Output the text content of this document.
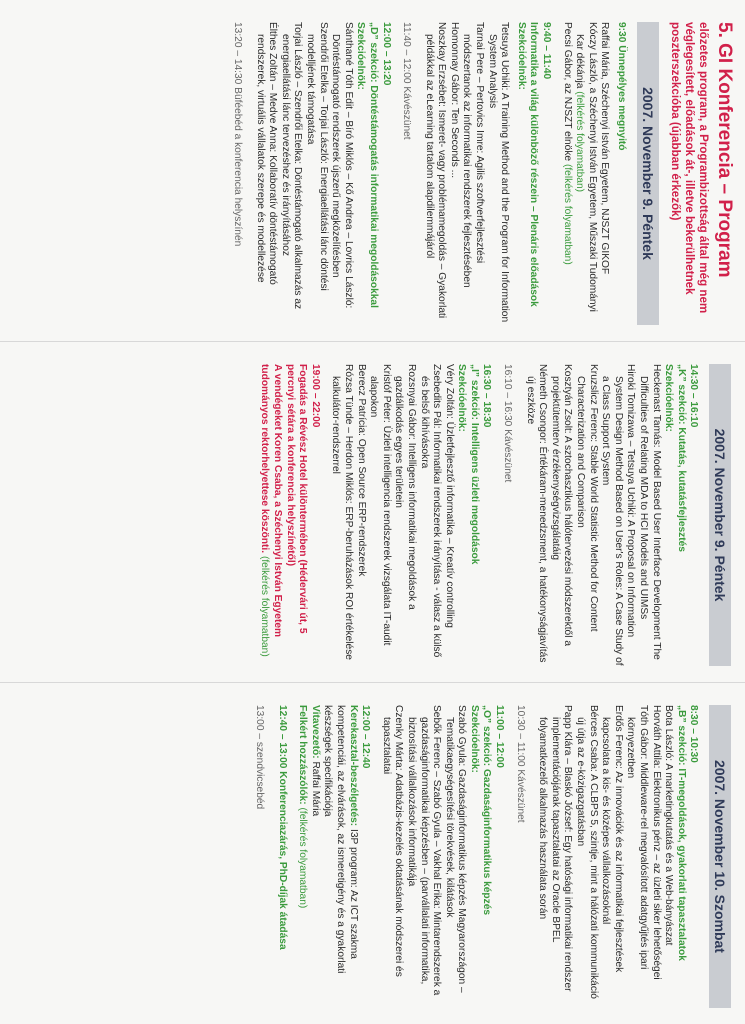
5. GI Konferencia – Program
előzetes program, a Programbizottság által még nem véglegesített, előadások át-, illetve bekerülhetnek poszterszekcióba (újabban érkezők)
2007. November 9. Péntek
9:30 Ünnepélyes megnyitó
Raffai Mária, Széchenyi István Egyetem, NJSZT GIKOF
Kóczy László, a Széchenyi István Egyetem, Műszaki Tudományi Kar dékánja (felkérés folyamatban)
Pecsi Gábor, az NJSZT elnöke (felkérés folyamatban)
9:40 – 11:40
Informatika a világ különböző részein – Plenáris előadások
Szekcióelnök:
Tetsuya Uchiki: A Training Method and the Program for Information System Analysis
Tarnai Pere – Pertovics Imre: Agilis szoftverfejlesztési módszertanok az informatikai rendszerek fejlesztésében
Homonnay Gábor: Ten Seconds ...
Noszkay Erzsébet: Ismeret- vagy problémamegoldás – Gyakorlati példákkal az eLearning tartalom alapdilemmájáról
11:40 – 12:00 Kávészünet
12:00 – 13:20
„D” szekció: Döntéstámogatás informatikai megoldásokkal
Szekcióelnök:
Sánthané Tóth Edit – Bíró Miklós – Kő Andrea – Lovrics László: Döntéstámogató rendszerek újszerű megközelítésben
Szendrői Etelka – Torjai László: Energiaellátási lánc döntési modelljének támogatása
Torjai László – Szendrői Etelka: Döntéstámogató alkalmazás az energiaellátási lánc tervezéshez és irányításához
Élthes Zoltán – Medve Anna: Kollaboratív döntéstámogató rendszerek, virtuális vállalatok szerepe és modellezése
13:20 – 14:30 Büféebéd a konferencia helyszínén
2007. November 9. Péntek
14:30 – 16:10
„K” szekció: Kutatás, kutatásfejlesztés
Szekcióelnök:
Heckenast Tamás: Model Based User Interface Development The Difficulties of Relating MDA to HCI Models and UIMSs
Hiroki Tomizawa – Tetsuya Uchiki: A Proposal on Information System Design Method Based on User's Roles: A Case Study of a Class Support System
Kruzslicz Ferenc: Stable World Statistic Method for Content Characterization and Comparison
Kosztyán Zsolt: A sztochasztikus hálótervezési módszerektől a projektütemterv érzékenységvizsgálatáig
Németh Csongor: Értékáram-menedzsment, a hatékonyságjavítás új eszköze
16:10 – 16:30 Kávészünet
16:30 – 18:30
„I” szekció: Intelligens üzleti megoldások
Szekcióelnök:
Véry Zoltán: Üzletfejlesztő informatika – Kreatív controlling
Zsebedits Pál: Informatikai rendszerek irányítása - válasz a külső és belső kihívásokra
Rozsnyai Gábor: Intelligens informatikai megoldások a gazdálkodás egyes területein
Kristóf Péter: Üzleti intelligencia rendszerek vizsgálata IT-audit alapokon
Berecz Patrícia: Open Source ERP-rendszerek
Rózsa Tünde – Herdon Miklós: ERP-beruházások ROI értékelése kalkulátor-rendszerrel
19:00 – 22:00
Fogadás a Révész Hotel különtermében (Hédervári út, 5 percnyi sétára a konferencia helyszínétől)
A vendégeket Koren Csaba, a Széchenyi István Egyetem tudományos rektorhelyettese köszönti. (felkérés folyamatban)
2007. November 10. Szombat
8:30 – 10:30
„B” szekció: IT-megoldások, gyakorlati tapasztalatok
Bota László: A marketingkutatás és a Web-bányászat
Horváth Attila: Elektronikus pénz – az üzleti siker lehetőségei
Tóth Gábor: Middleware-rel megvalósított adatgyűjtés ipari környezetben
Erdős Ferenc: Az innovációk és az informatikai fejlesztések kapcsolata a kis- és középes vállalkozásoknál
Bérces Csaba: A CLBPS 5, szintje, mint a hálózati kommunikáció új útja az e-közigazgatásban
Papp Klára – Blaskó József: Egy hatósági informatikai rendszer implementációjának tapasztalatai az Oracle BPEL folyamatkezelő alkalmazás használata során
10:30 – 11:00 Kávészünet
11:00 – 12:00
„O” szekció: Gazdaságinformatikus képzés
Szekcióelnök:
Szabó Gyula: Gazdaságinformatikus képzés Magyarországon – Tematikaegységesítési törekvések, kilátások
Sebők Ferenc – Szabó Gyula – Vakhal Erika: Mintarendszerek a gazdaságinformatikai képzésben – (parvállalati informatika, biztosítási vállalkozások informatikája
Czenky Márta: Adatbázis-kezelés oktatásának módszerei és tapasztalatai
12:00 – 12:40
Kerekasztal-beszélgetés: I3P program: Az ICT szakma kompetenciái, az elvárások, az ismeretigény és a gyakorlati készségek specifikációja
Vitavezető: Raffai Mária
Felkért hozzászólók: (felkérés folyamatban)
12:40 – 13:00 Konferenciazárás, PhD-díjak átadása
13:00 – szendvicsebéd
